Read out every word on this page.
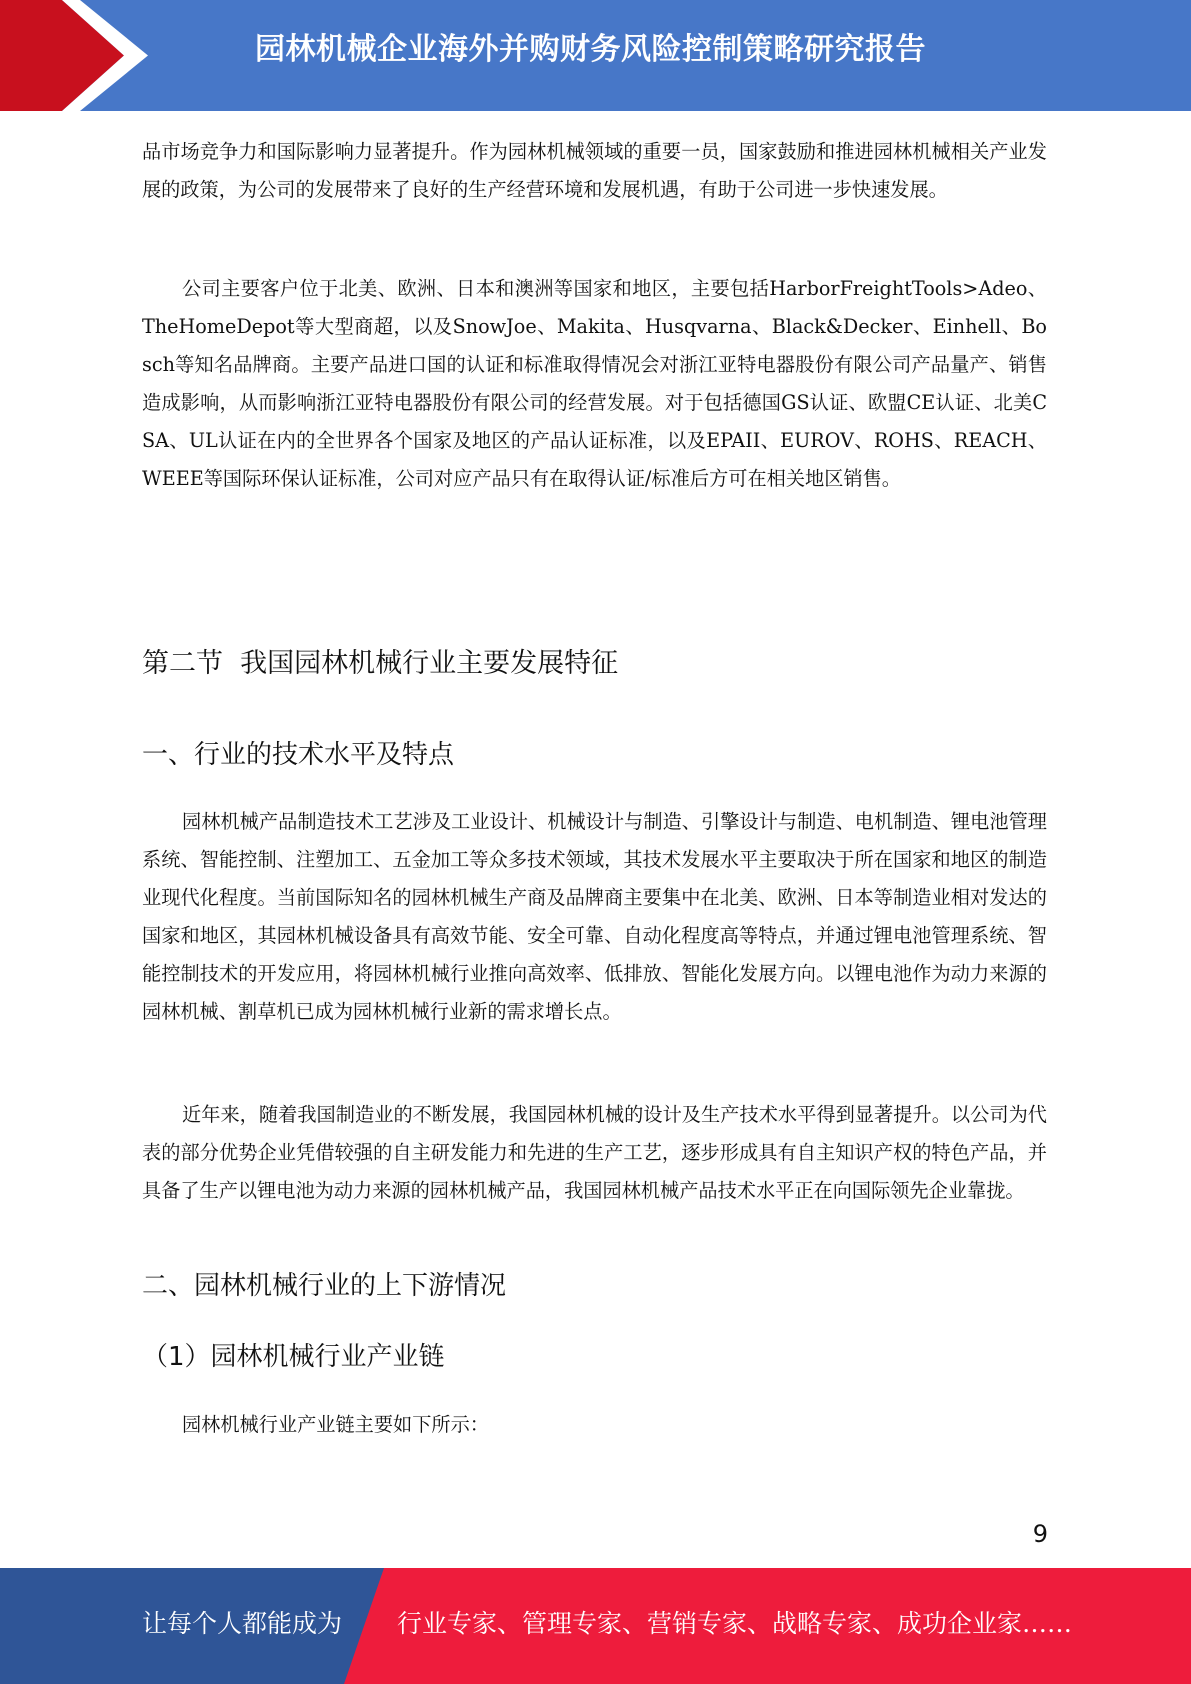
园林机械企业海外并购财务风险控制策略研究报告

品市场竞争力和国际影响力显著提升。作为园林机械领域的重要一员，国家鼓励和推进园林机械相关产业发展的政策，为公司的发展带来了良好的生产经营环境和发展机遇，有助于公司进一步快速发展。

公司主要客户位于北美、欧洲、日本和澳洲等国家和地区，主要包括HarborFreightTools>Adeo、TheHomeDepot等大型商超，以及SnowJoe、Makita、Husqvarna、Black&Decker、Einhell、Bosch等知名品牌商。主要产品进口国的认证和标准取得情况会对浙江亚特电器股份有限公司产品量产、销售造成影响，从而影响浙江亚特电器股份有限公司的经营发展。对于包括德国GS认证、欧盟CE认证、北美CSA、UL认证在内的全世界各个国家及地区的产品认证标准，以及EPAII、EUROV、ROHS、REACH、WEEE等国际环保认证标准，公司对应产品只有在取得认证/标准后方可在相关地区销售。

第二节  我国园林机械行业主要发展特征
一、行业的技术水平及特点

园林机械产品制造技术工艺涉及工业设计、机械设计与制造、引擎设计与制造、电机制造、锂电池管理系统、智能控制、注塑加工、五金加工等众多技术领域，其技术发展水平主要取决于所在国家和地区的制造业现代化程度。当前国际知名的园林机械生产商及品牌商主要集中在北美、欧洲、日本等制造业相对发达的国家和地区，其园林机械设备具有高效节能、安全可靠、自动化程度高等特点，并通过锂电池管理系统、智能控制技术的开发应用，将园林机械行业推向高效率、低排放、智能化发展方向。以锂电池作为动力来源的园林机械、割草机已成为园林机械行业新的需求增长点。

近年来，随着我国制造业的不断发展，我国园林机械的设计及生产技术水平得到显著提升。以公司为代表的部分优势企业凭借较强的自主研发能力和先进的生产工艺，逐步形成具有自主知识产权的特色产品，并具备了生产以锂电池为动力来源的园林机械产品，我国园林机械产品技术水平正在向国际领先企业靠拢。

二、园林机械行业的上下游情况
（1）园林机械行业产业链

园林机械行业产业链主要如下所示：

9
让每个人都能成为 行业专家、管理专家、营销专家、战略专家、成功企业家……
